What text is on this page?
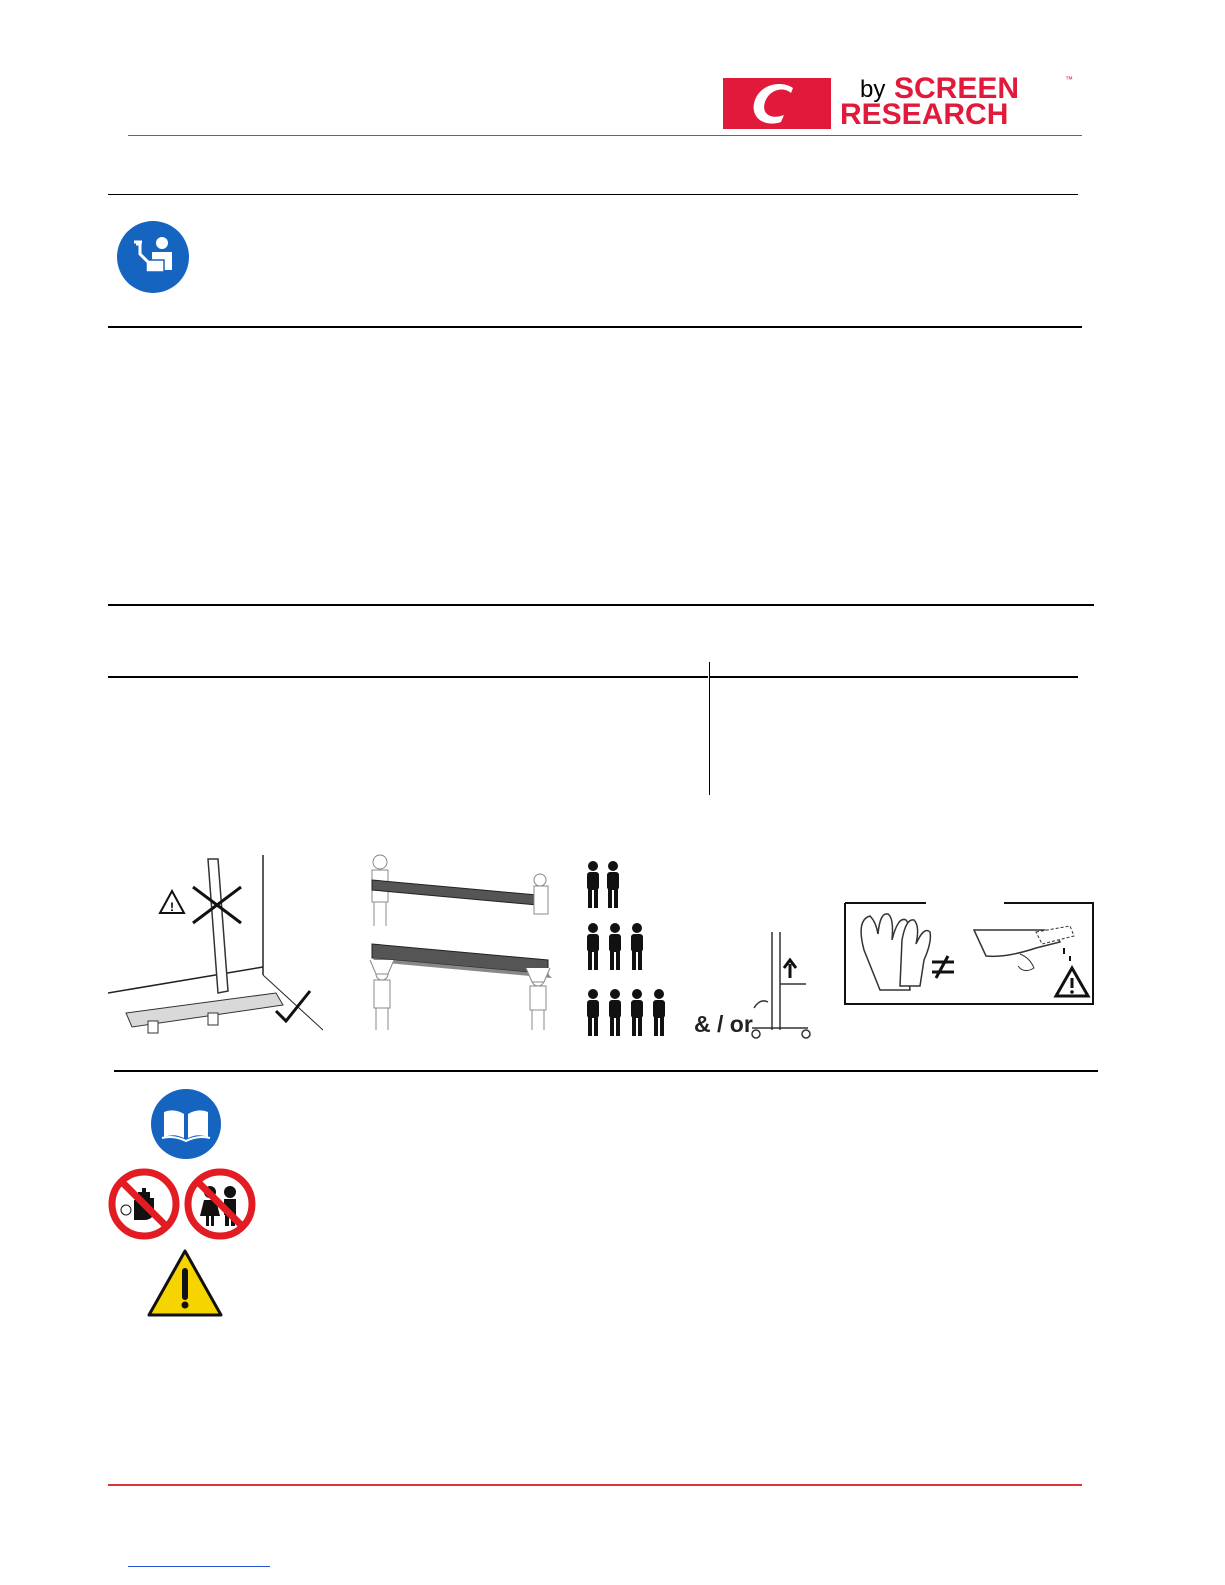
by SCREEN	™
RESEARCH
!
& / or
